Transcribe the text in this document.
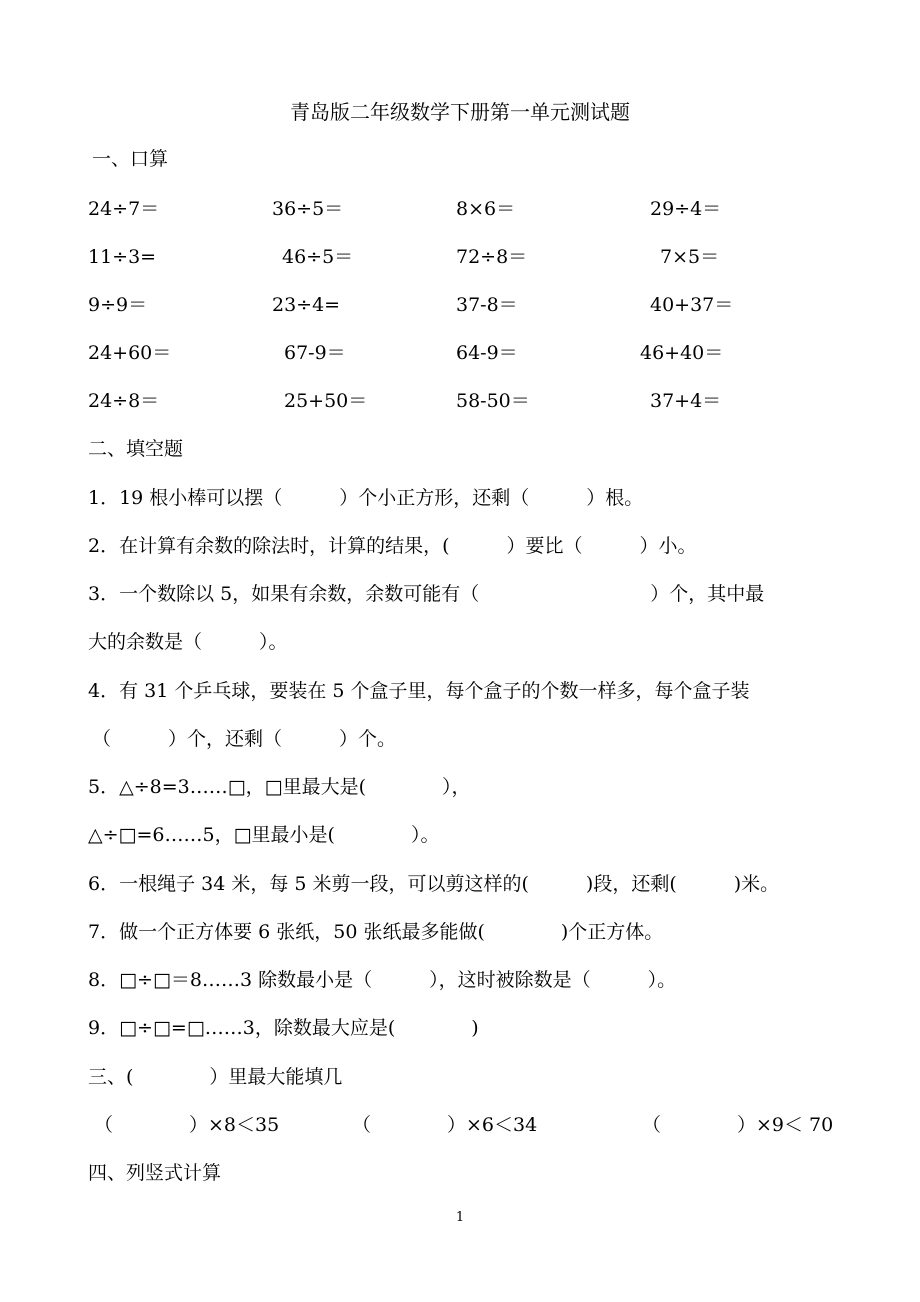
青岛版二年级数学下册第一单元测试题
一、口算
24÷7＝	36÷5＝	8×6＝	29÷4＝
11÷3=	46÷5＝	72÷8＝	7×5＝
9÷9＝	23÷4=	37-8＝	40+37＝
24+60＝	67-9＝	64-9＝	46+40＝
24÷8＝	25+50＝	58-50＝	37+4＝
二、填空题
1．19 根小棒可以摆（　　　）个小正方形，还剩（　　　）根。
2．在计算有余数的除法时，计算的结果，(　　　）要比（　　　）小。
3．一个数除以 5，如果有余数，余数可能有（　　　　　　　　　）个，其中最
大的余数是（　　　）。
4．有 31 个乒乓球，要装在 5 个盒子里，每个盒子的个数一样多，每个盒子装
（　　　）个，还剩（　　　）个。
5．△÷8=3……□，□里最大是(　　　　），
△÷□=6……5，□里最小是(　　　　）。
6．一根绳子 34 米，每 5 米剪一段，可以剪这样的(　　　)段，还剩(　　　)米。
7．做一个正方体要 6 张纸，50 张纸最多能做(　　　　)个正方体。
8．□÷□＝8……3 除数最小是（　　　），这时被除数是（　　　）。
9．□÷□=□……3，除数最大应是(　　　　)
三、(　　　　）里最大能填几
（　　　　）×8＜35	（　　　　）×6＜34	（　　　　）×9＜ 70
四、列竖式计算
1
